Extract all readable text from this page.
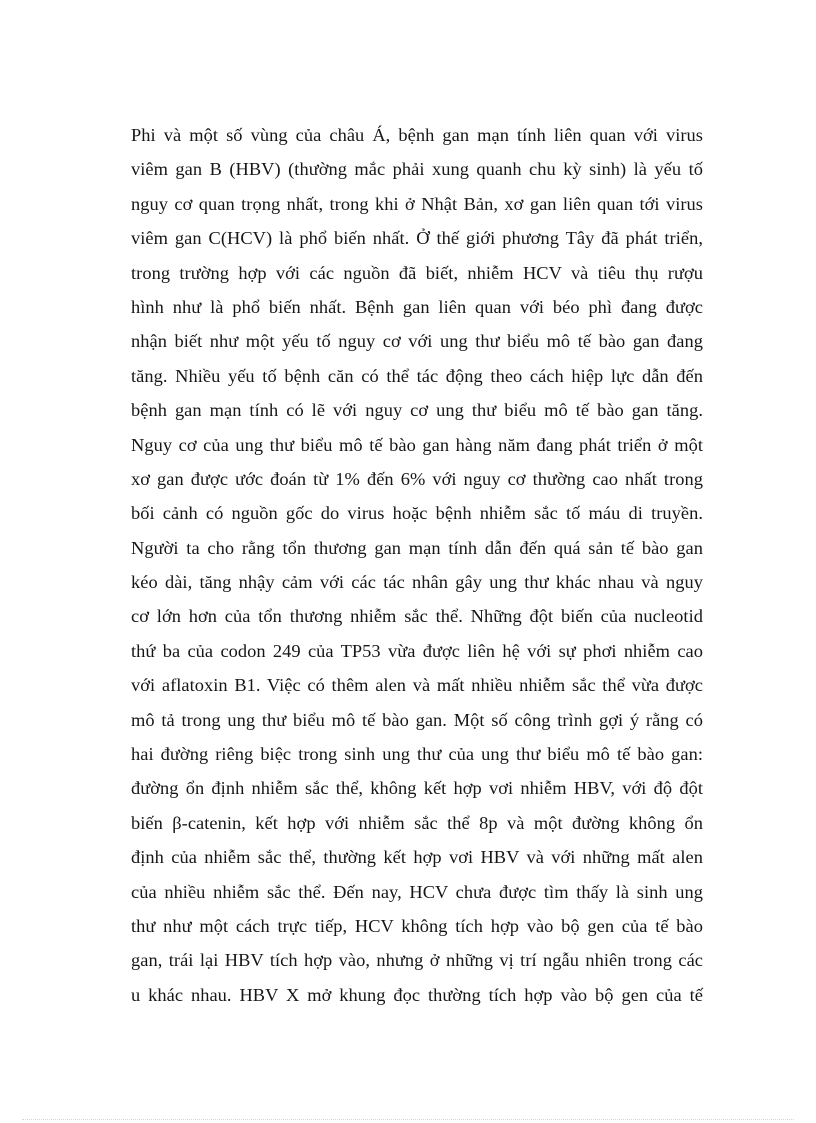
Phi và một số vùng của châu Á, bệnh gan mạn tính liên quan với virus
viêm gan B (HBV) (thường mắc phải xung quanh chu kỳ sinh) là yếu tố
nguy cơ quan trọng nhất, trong khi ở Nhật Bản, xơ gan liên quan tới virus
viêm gan C(HCV) là phổ biến nhất. Ở thế giới phương Tây đã phát triển,
trong trường hợp với các nguồn đã biết, nhiễm HCV và tiêu thụ rượu
hình như là phổ biến nhất. Bệnh gan liên quan với béo phì đang được
nhận biết như một yếu tố nguy cơ với ung thư biểu mô tế bào gan đang
tăng. Nhiều yếu tố bệnh căn có thể tác động theo cách hiệp lực dẫn đến
bệnh gan mạn tính có lẽ với nguy cơ ung thư biểu mô tế bào gan tăng.
Nguy cơ của ung thư biểu mô tế bào gan hàng năm đang phát triển ở một
xơ gan được ước đoán từ 1% đến 6% với nguy cơ thường cao nhất trong
bối cảnh có nguồn gốc do virus hoặc bệnh nhiễm sắc tố máu di truyền.
Người ta cho rằng tổn thương gan mạn tính dẫn đến quá sản tế bào gan
kéo dài, tăng nhậy cảm với các tác nhân gây ung thư khác nhau và nguy
cơ lớn hơn của tổn thương nhiễm sắc thể. Những đột biến của nucleotid
thứ ba của codon 249 của TP53 vừa được liên hệ với sự phơi nhiễm cao
với aflatoxin B1. Việc có thêm alen và mất nhiều nhiễm sắc thể vừa được
mô tả trong ung thư biểu mô tế bào gan. Một số công trình gợi ý rằng có
hai đường riêng biệc trong sinh ung thư của ung thư biểu mô tế bào gan:
đường ổn định nhiễm sắc thể, không kết hợp vơi nhiễm HBV, với độ đột
biến β-catenin, kết hợp với nhiễm sắc thể 8p và một đường không ổn
định của nhiễm sắc thể, thường kết hợp vơi HBV và với những mất alen
của nhiều nhiễm sắc thể. Đến nay, HCV chưa được tìm thấy là sinh ung
thư như một cách trực tiếp, HCV không tích hợp vào bộ gen của tế bào
gan, trái lại HBV tích hợp vào, nhưng ở những vị trí ngẫu nhiên trong các
u khác nhau. HBV X mở khung đọc thường tích hợp vào bộ gen của tế
